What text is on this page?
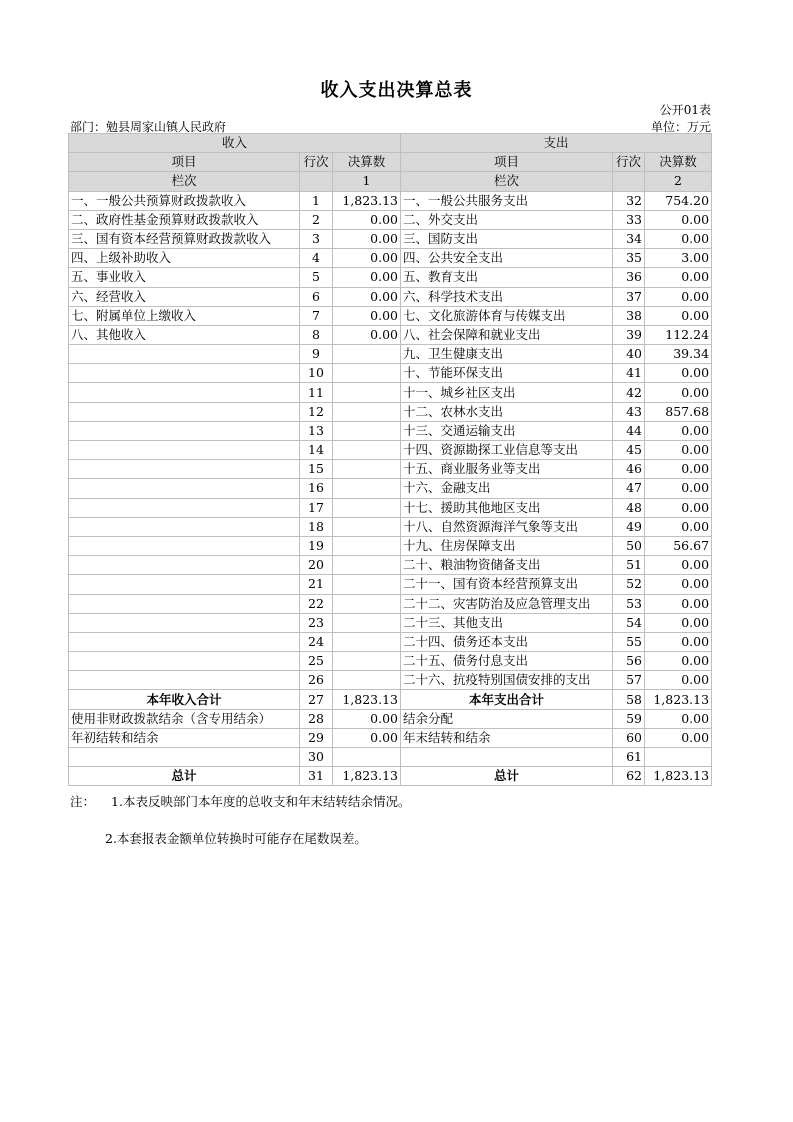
收入支出决算总表
公开01表
部门：勉县周家山镇人民政府	单位：万元
收入			支出		
项目	行次	决算数	项目	行次	决算数
栏次		1	栏次		2
一、一般公共预算财政拨款收入	1	1,823.13	一、一般公共服务支出	32	754.20
二、政府性基金预算财政拨款收入	2	0.00	二、外交支出	33	0.00
三、国有资本经营预算财政拨款收入	3	0.00	三、国防支出	34	0.00
四、上级补助收入	4	0.00	四、公共安全支出	35	3.00
五、事业收入	5	0.00	五、教育支出	36	0.00
六、经营收入	6	0.00	六、科学技术支出	37	0.00
七、附属单位上缴收入	7	0.00	七、文化旅游体育与传媒支出	38	0.00
八、其他收入	8	0.00	八、社会保障和就业支出	39	112.24
	9		九、卫生健康支出	40	39.34
	10		十、节能环保支出	41	0.00
	11		十一、城乡社区支出	42	0.00
	12		十二、农林水支出	43	857.68
	13		十三、交通运输支出	44	0.00
	14		十四、资源勘探工业信息等支出	45	0.00
	15		十五、商业服务业等支出	46	0.00
	16		十六、金融支出	47	0.00
	17		十七、援助其他地区支出	48	0.00
	18		十八、自然资源海洋气象等支出	49	0.00
	19		十九、住房保障支出	50	56.67
	20		二十、粮油物资储备支出	51	0.00
	21		二十一、国有资本经营预算支出	52	0.00
	22		二十二、灾害防治及应急管理支出	53	0.00
	23		二十三、其他支出	54	0.00
	24		二十四、债务还本支出	55	0.00
	25		二十五、债务付息支出	56	0.00
	26		二十六、抗疫特别国债安排的支出	57	0.00
本年收入合计	27	1,823.13	本年支出合计	58	1,823.13
使用非财政拨款结余（含专用结余）	28	0.00	结余分配	59	0.00
年初结转和结余	29	0.00	年末结转和结余	60	0.00
	30			61	
总计	31	1,823.13	总计	62	1,823.13
注： 1.本表反映部门本年度的总收支和年末结转结余情况。
2.本套报表金额单位转换时可能存在尾数误差。
